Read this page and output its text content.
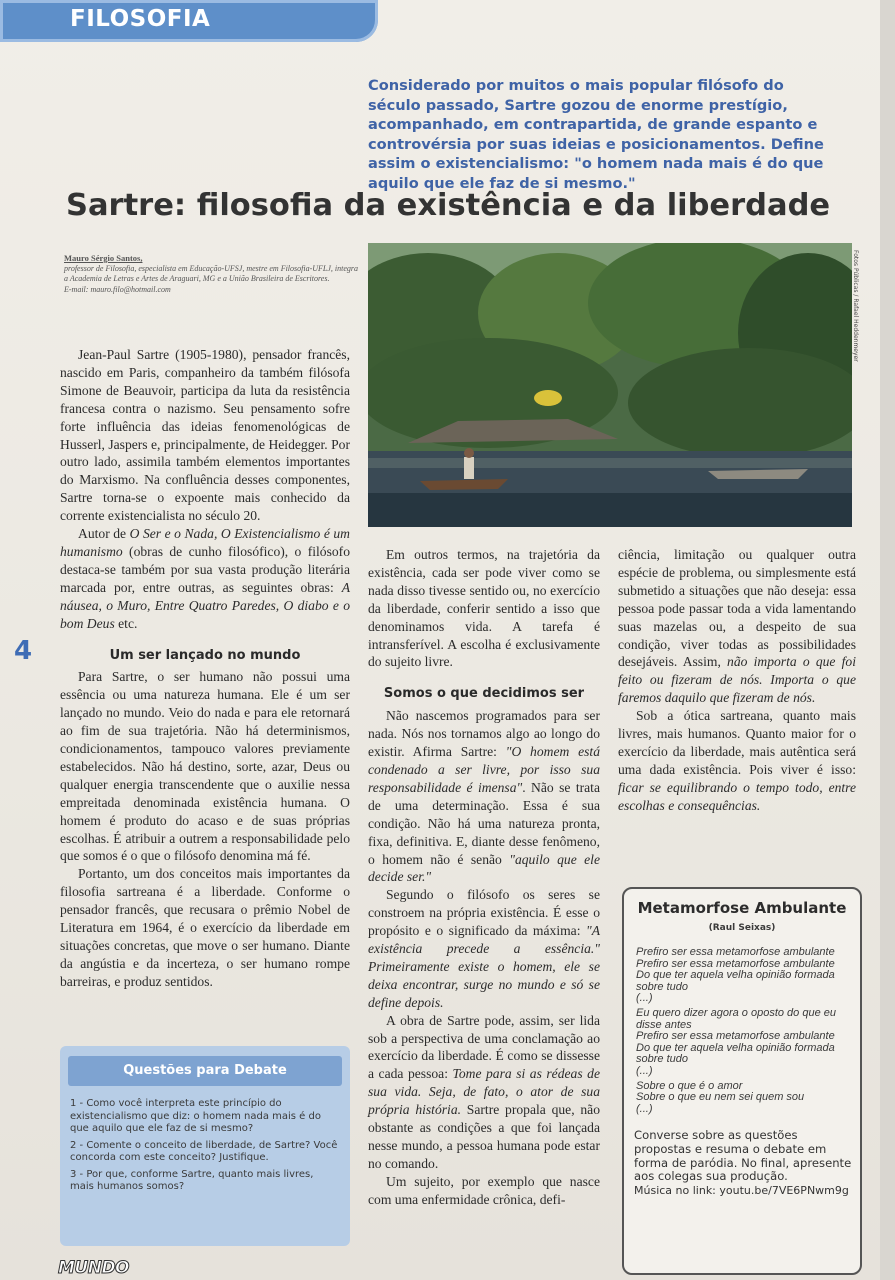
FILOSOFIA

Considerado por muitos o mais popular filósofo do século passado, Sartre gozou de enorme prestígio, acompanhado, em contrapartida, de grande espanto e controvérsia por suas ideias e posicionamentos. Define assim o existencialismo: "o homem nada mais é do que aquilo que ele faz de si mesmo."

Sartre: filosofia da existência e da liberdade
Mauro Sérgio Santos,
professor de Filosofia, especialista em Educação-UFSJ, mestre em Filosofia-UFLJ, integra a Academia de Letras e Artes de Araguari, MG e a União Brasileira de Escritores.
E-mail: mauro.filo@hotmail.com	Fotos Públicas / Rafael Heddenmeyer
4

Jean-Paul Sartre (1905-1980), pensador francês, nascido em Paris, companheiro da também filósofa Simone de Beauvoir, participa da luta da resistência francesa contra o nazismo. Seu pensamento sofre forte influência das ideias fenomenológicas de Husserl, Jaspers e, principalmente, de Heidegger. Por outro lado, assimila também elementos importantes do Marxismo. Na confluência desses componentes, Sartre torna-se o expoente mais conhecido da corrente existencialista no século 20.

Autor de O Ser e o Nada, O Existencialismo é um humanismo (obras de cunho filosófico), o filósofo destaca-se também por sua vasta produção literária marcada por, entre outras, as seguintes obras: A náusea, o Muro, Entre Quatro Paredes, O diabo e o bom Deus etc.

Um ser lançado no mundo

Para Sartre, o ser humano não possui uma essência ou uma natureza humana. Ele é um ser lançado no mundo. Veio do nada e para ele retornará ao fim de sua trajetória. Não há determinismos, condicionamentos, tampouco valores previamente estabelecidos. Não há destino, sorte, azar, Deus ou qualquer energia transcendente que o auxilie nessa empreitada denominada existência humana. O homem é produto do acaso e de suas próprias escolhas. É atribuir a outrem a responsabilidade pelo que somos é o que o filósofo denomina má fé.

Portanto, um dos conceitos mais importantes da filosofia sartreana é a liberdade. Conforme o pensador francês, que recusara o prêmio Nobel de Literatura em 1964, é o exercício da liberdade em situações concretas, que move o ser humano. Diante da angústia e da incerteza, o ser humano rompe barreiras, e produz sentidos.

Em outros termos, na trajetória da existência, cada ser pode viver como se nada disso tivesse sentido ou, no exercício da liberdade, conferir sentido a isso que denominamos vida. A tarefa é intransferível. A escolha é exclusivamente do sujeito livre.

Somos o que decidimos ser

Não nascemos programados para ser nada. Nós nos tornamos algo ao longo do existir. Afirma Sartre: "O homem está condenado a ser livre, por isso sua responsabilidade é imensa". Não se trata de uma determinação. Essa é sua condição. Não há uma natureza pronta, fixa, definitiva. E, diante desse fenômeno, o homem não é senão "aquilo que ele decide ser."

Segundo o filósofo os seres se constroem na própria existência. É esse o propósito e o significado da máxima: "A existência precede a essência." Primeiramente existe o homem, ele se deixa encontrar, surge no mundo e só se define depois.

A obra de Sartre pode, assim, ser lida sob a perspectiva de uma conclamação ao exercício da liberdade. É como se dissesse a cada pessoa: Tome para si as rédeas de sua vida. Seja, de fato, o ator de sua própria história. Sartre propala que, não obstante as condições a que foi lançada nesse mundo, a pessoa humana pode estar no comando.

Um sujeito, por exemplo que nasce com uma enfermidade crônica, defi-

ciência, limitação ou qualquer outra espécie de problema, ou simplesmente está submetido a situações que não deseja: essa pessoa pode passar toda a vida lamentando suas mazelas ou, a despeito de sua condição, viver todas as possibilidades desejáveis. Assim, não importa o que foi feito ou fizeram de nós. Importa o que faremos daquilo que fizeram de nós.

Sob a ótica sartreana, quanto mais livres, mais humanos. Quanto maior for o exercício da liberdade, mais autêntica será uma dada existência. Pois viver é isso: ficar se equilibrando o tempo todo, entre escolhas e consequências.

Questões para Debate
1 - Como você interpreta este princípio do existencialismo que diz: o homem nada mais é do que aquilo que ele faz de si mesmo?
2 - Comente o conceito de liberdade, de Sartre? Você concorda com este conceito? Justifique.
3 - Por que, conforme Sartre, quanto mais livres, mais humanos somos?
Metamorfose Ambulante
(Raul Seixas)
Prefiro ser essa metamorfose ambulante
Prefiro ser essa metamorfose ambulante
Do que ter aquela velha opinião formada sobre tudo
(...)
Eu quero dizer agora o oposto do que eu disse antes
Prefiro ser essa metamorfose ambulante
Do que ter aquela velha opinião formada sobre tudo
(...)
Sobre o que é o amor
Sobre o que eu nem sei quem sou
(...)
Converse sobre as questões propostas e resuma o debate em forma de paródia. No final, apresente aos colegas sua produção.
Música no link: youtu.be/7VE6PNwm9g
MUNDO
